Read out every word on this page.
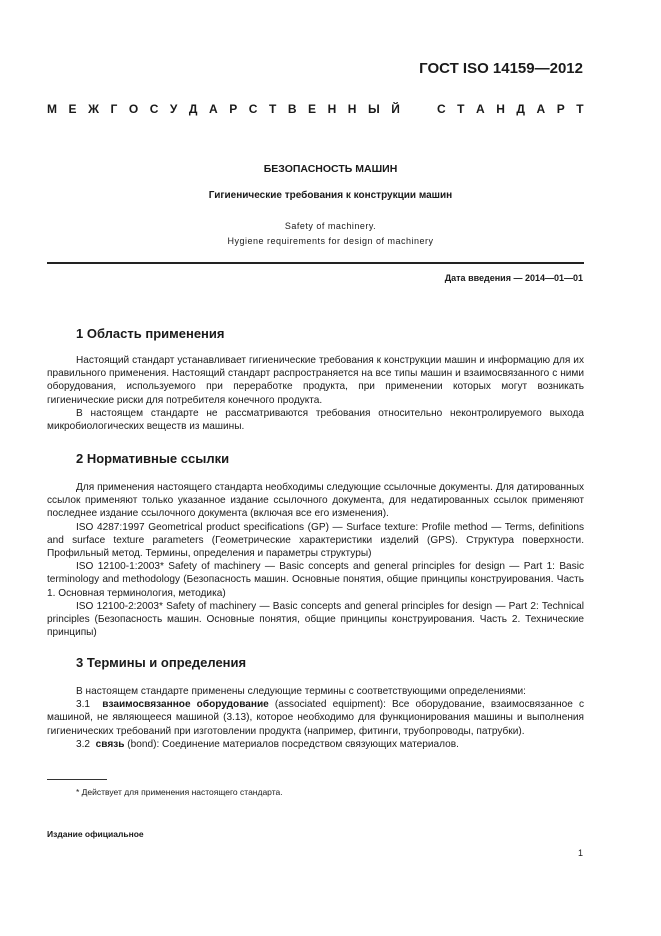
ГОСТ ISO 14159—2012
М Е Ж Г О С У Д А Р С Т В Е Н Н Ы Й	С Т А Н Д А Р Т
БЕЗОПАСНОСТЬ МАШИН
Гигиенические требования к конструкции машин
Safety of machinery.
Hygiene requirements for design of machinery
Дата введения — 2014—01—01
1 Область применения

Настоящий стандарт устанавливает гигиенические требования к конструкции машин и информацию для их правильного применения. Настоящий стандарт распространяется на все типы машин и взаимосвязанного с ними оборудования, используемого при переработке продукта, при применении которых могут возникать гигиенические риски для потребителя конечного продукта.

В настоящем стандарте не рассматриваются требования относительно неконтролируемого выхода микробиологических веществ из машины.

2 Нормативные ссылки

Для применения настоящего стандарта необходимы следующие ссылочные документы. Для датированных ссылок применяют только указанное издание ссылочного документа, для недатированных ссылок применяют последнее издание ссылочного документа (включая все его изменения).

ISO 4287:1997 Geometrical product specifications (GP) — Surface texture: Profile method — Terms, definitions and surface texture parameters (Геометрические характеристики изделий (GPS). Структура поверхности. Профильный метод. Термины, определения и параметры структуры)

ISO 12100-1:2003* Safety of machinery — Basic concepts and general principles for design — Part 1: Basic terminology and methodology (Безопасность машин. Основные понятия, общие принципы конструирования. Часть 1. Основная терминология, методика)

ISO 12100-2:2003* Safety of machinery — Basic concepts and general principles for design — Part 2: Technical principles (Безопасность машин. Основные понятия, общие принципы конструирования. Часть 2. Технические принципы)

3 Термины и определения

В настоящем стандарте применены следующие термины с соответствующими определениями:

3.1 взаимосвязанное оборудование (associated equipment): Все оборудование, взаимосвязанное с машиной, не являющееся машиной (3.13), которое необходимо для функционирования машины и выполнения гигиенических требований при изготовлении продукта (например, фитинги, трубопроводы, патрубки).

3.2 связь (bond): Соединение материалов посредством связующих материалов.

* Действует для применения настоящего стандарта.
Издание официальное
1
